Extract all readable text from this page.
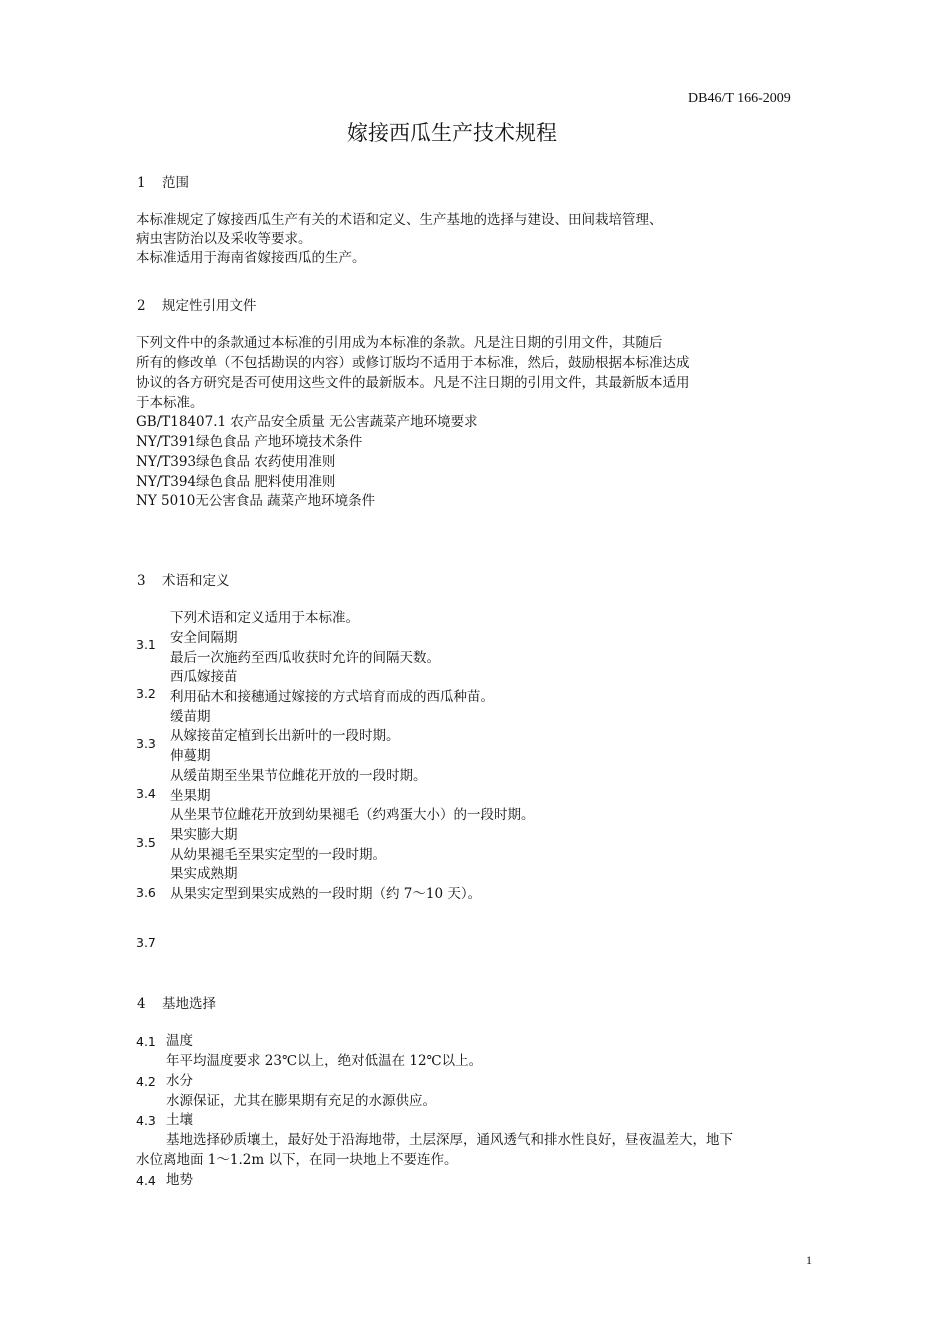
DB46/T 166-2009
嫁接西瓜生产技术规程
1 范围
本标准规定了嫁接西瓜生产有关的术语和定义、生产基地的选择与建设、田间栽培管理、
病虫害防治以及采收等要求。
本标准适用于海南省嫁接西瓜的生产。
2 规定性引用文件
下列文件中的条款通过本标准的引用成为本标准的条款。凡是注日期的引用文件，其随后
所有的修改单（不包括勘误的内容）或修订版均不适用于本标准，然后，鼓励根据本标准达成
协议的各方研究是否可使用这些文件的最新版本。凡是不注日期的引用文件，其最新版本适用
于本标准。
GB/T18407.1 农产品安全质量 无公害蔬菜产地环境要求
NY/T391绿色食品 产地环境技术条件
NY/T393绿色食品 农药使用准则
NY/T394绿色食品 肥料使用准则
NY 5010无公害食品 蔬菜产地环境条件
3 术语和定义
下列术语和定义适用于本标准。
安全间隔期
最后一次施药至西瓜收获时允许的间隔天数。
西瓜嫁接苗
利用砧木和接穗通过嫁接的方式培育而成的西瓜种苗。
缓苗期
从嫁接苗定植到长出新叶的一段时期。
伸蔓期
从缓苗期至坐果节位雌花开放的一段时期。
坐果期
从坐果节位雌花开放到幼果褪毛（约鸡蛋大小）的一段时期。
果实膨大期
从幼果褪毛至果实定型的一段时期。
果实成熟期
从果实定型到果实成熟的一段时期（约 7～10 天）。
3.1
3.2
3.3
3.4
3.5
3.6
3.7
4 基地选择
4.1 温度
年平均温度要求 23℃以上，绝对低温在 12℃以上。
4.2 水分
水源保证，尤其在膨果期有充足的水源供应。
4.3 土壤
基地选择砂质壤土，最好处于沿海地带，土层深厚，通风透气和排水性良好，昼夜温差大，地下
水位离地面 1～1.2m 以下，在同一块地上不要连作。
4.4 地势
1
